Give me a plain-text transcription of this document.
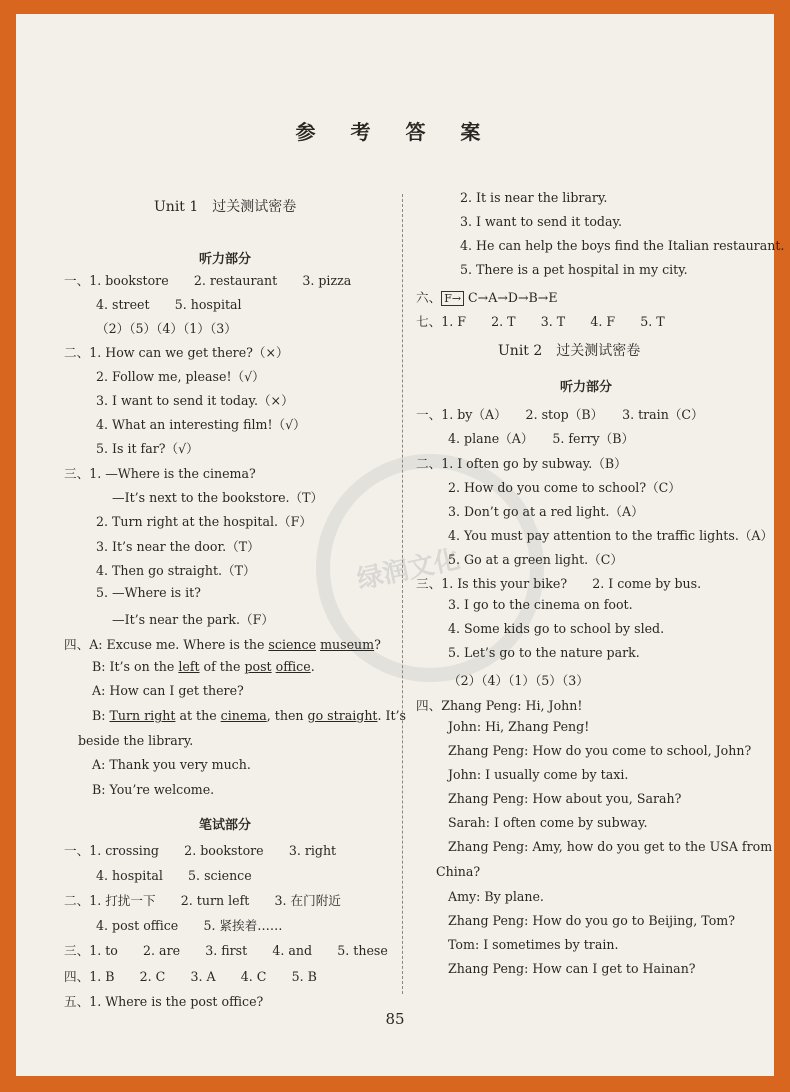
绿润文化
参 考 答 案
Unit 1　过关测试密卷
听力部分
一、1. bookstore　　2. restaurant　　3. pizza
4. street　　5. hospital
（2）（5）（4）（1）（3）
二、1. How can we get there?（×）
2. Follow me, please!（√）
3. I want to send it today.（×）
4. What an interesting film!（√）
5. Is it far?（√）
三、1. —Where is the cinema?
—It’s next to the bookstore.（T）
2. Turn right at the hospital.（F）
3. It’s near the door.（T）
4. Then go straight.（T）
5. —Where is it?
—It’s near the park.（F）
四、A: Excuse me. Where is the science museum?
B: It’s on the left of the post office.
A: How can I get there?
B: Turn right at the cinema, then go straight. It’s
beside the library.
A: Thank you very much.
B: You’re welcome.
笔试部分
一、1. crossing　　2. bookstore　　3. right
4. hospital　　5. science
二、1. 打扰一下　　2. turn left　　3. 在门附近
4. post office　　5. 紧挨着……
三、1. to　　2. are　　3. first　　4. and　　5. these
四、1. B　　2. C　　3. A　　4. C　　5. B
五、1. Where is the post office?
2. It is near the library.
3. I want to send it today.
4. He can help the boys find the Italian restaurant.
5. There is a pet hospital in my city.
六、 F→ C→A→D→B→E
七、1. F　　2. T　　3. T　　4. F　　5. T
Unit 2　过关测试密卷
听力部分
一、1. by（A）　　2. stop（B）　　3. train（C）
4. plane（A）　　5. ferry（B）
二、1. I often go by subway.（B）
2. How do you come to school?（C）
3. Don’t go at a red light.（A）
4. You must pay attention to the traffic lights.（A）
5. Go at a green light.（C）
三、1. Is this your bike?　　2. I come by bus.
3. I go to the cinema on foot.
4. Some kids go to school by sled.
5. Let’s go to the nature park.
（2）（4）（1）（5）（3）
四、Zhang Peng: Hi, John!
John: Hi, Zhang Peng!
Zhang Peng: How do you come to school, John?
John: I usually come by taxi.
Zhang Peng: How about you, Sarah?
Sarah: I often come by subway.
Zhang Peng: Amy, how do you get to the USA from
China?
Amy: By plane.
Zhang Peng: How do you go to Beijing, Tom?
Tom: I sometimes by train.
Zhang Peng: How can I get to Hainan?
85
